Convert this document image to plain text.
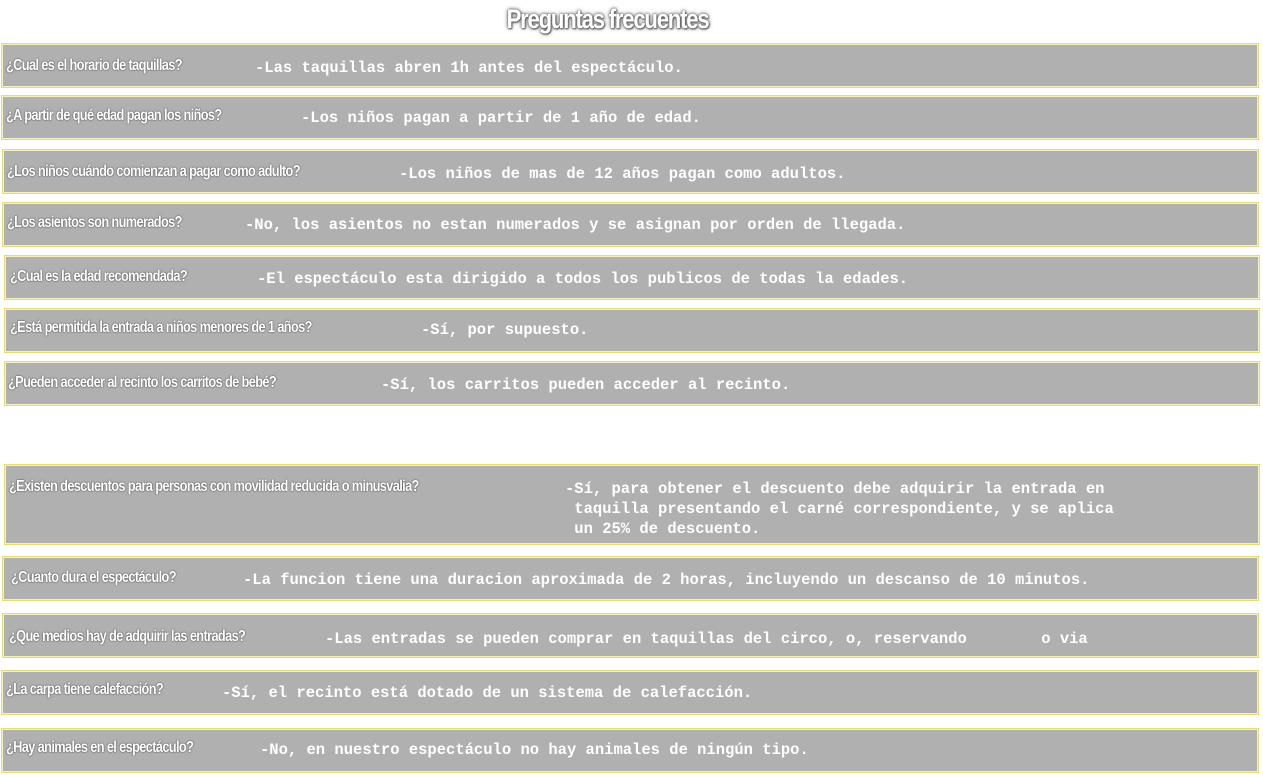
Preguntas frecuentes
¿Cual es el horario de taquillas?	-Las taquillas abren 1h antes del espectáculo.
¿A partir de qué edad pagan los niños?	-Los niños pagan a partir de 1 año de edad.
¿Los niños cuándo comienzan a pagar como adulto?	-Los niños de mas de 12 años pagan como adultos.
¿Los asientos son numerados?	-No, los asientos no estan numerados y se asignan por orden de llegada.
¿Cual es la edad recomendada?	-El espectáculo esta dirigido a todos los publicos de todas la edades.
¿Está permitida la entrada a niños menores de 1 años?	-Sí, por supuesto.
¿Pueden acceder al recinto los carritos de bebé?	-Sí, los carritos pueden acceder al recinto.
¿Existen descuentos para personas con movilidad reducida o minusvalia?	-Sí, para obtener el descuento debe adquirir la entrada en
taquilla presentando el carné correspondiente, y se aplica
un 25% de descuento.
¿Cuanto dura el espectáculo?	-La funcion tiene una duracion aproximada de 2 horas, incluyendo un descanso de 10 minutos.
¿Que medios hay de adquirir las entradas?	-Las entradas se pueden comprar en taquillas del circo, o, reservando        o via
¿La carpa tiene calefacción?	-Sí, el recinto está dotado de un sistema de calefacción.
¿Hay animales en el espectáculo?	-No, en nuestro espectáculo no hay animales de ningún tipo.
